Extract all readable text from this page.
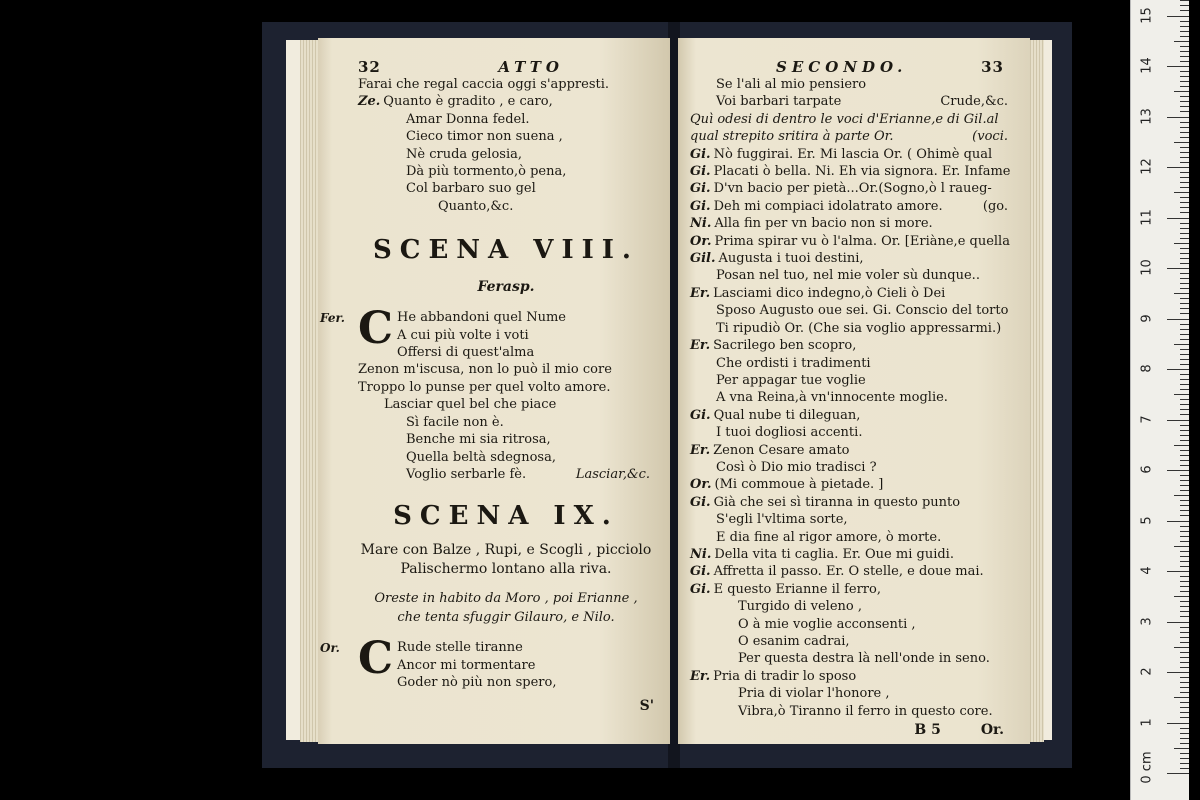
32	ATTO
Farai che regal caccia oggi s'appresti.
Ze. Quanto è gradito , e caro,
Amar Donna fedel.
Cieco timor non suena ,
Nè cruda gelosia,
Dà più tormento,ò pena,
Col barbaro suo gel
Quanto,&c.
SCENA VIII.
Ferasp.
Fer. C He abbandoni quel Nume
A cui più volte i voti
Offersi di quest'alma
Zenon m'iscusa, non lo può il mio core
Troppo lo punse per quel volto amore.
Lasciar quel bel che piace
Sì facile non è.
Benche mi sia ritrosa,
Quella beltà sdegnosa,
Voglio serbarle fè.	Lasciar,&c.
SCENA IX.
Mare con Balze , Rupi, e Scogli , picciolo
Palischermo lontano alla riva.
Oreste in habito da Moro , poi Erianne ,
che tenta sfuggir Gilauro, e Nilo.
Or. C Rude stelle tiranne
Ancor mi tormentare
Goder nò più non spero,
S'
SECONDO.	33
Se l'ali al mio pensiero
Voi barbari tarpate	Crude,&c.
Quì odesi di dentro le voci d'Erianne,e di Gil.al
qual strepito sritira à parte Or.	(voci.
Gi. Nò fuggirai. Er. Mi lascia Or. ( Ohimè qual
Gi. Placati ò bella. Ni. Eh via signora. Er. Infame
Gi. D'vn bacio per pietà...Or.(Sogno,ò l raueg-
Gi. Deh mi compiaci idolatrato amore.	(go.
Ni. Alla fin per vn bacio non si more.
Or. Prima spirar vu ò l'alma. Or. [Eriàne,e quella
Gil. Augusta i tuoi destini,
Posan nel tuo, nel mie voler sù dunque..
Er. Lasciami dico indegno,ò Cieli ò Dei
Sposo Augusto oue sei. Gi. Conscio del torto
Ti ripudiò Or. (Che sia voglio appressarmi.)
Er. Sacrilego ben scopro,
Che ordisti i tradimenti
Per appagar tue voglie
A vna Reina,à vn'innocente moglie.
Gi. Qual nube ti dileguan,
I tuoi dogliosi accenti.
Er. Zenon Cesare amato
Così ò Dio mio tradisci ?
Or. (Mi commoue à pietade. ]
Gi. Già che sei sì tiranna in questo punto
S'egli l'vltima sorte,
E dia fine al rigor amore, ò morte.
Ni. Della vita ti caglia. Er. Oue mi guidi.
Gi. Affretta il passo. Er. O stelle, e doue mai.
Gi. E questo Erianne il ferro,
Turgido di veleno ,
O à mie voglie acconsenti ,
O esanim cadrai,
Per questa destra là nell'onde in seno.
Er. Pria di tradir lo sposo
Pria di violar l'honore ,
Vibra,ò Tiranno il ferro in questo core.
B 5	Or.
0 cm
1
2
3
4
5
6
7
8
9
10
11
12
13
14
15
